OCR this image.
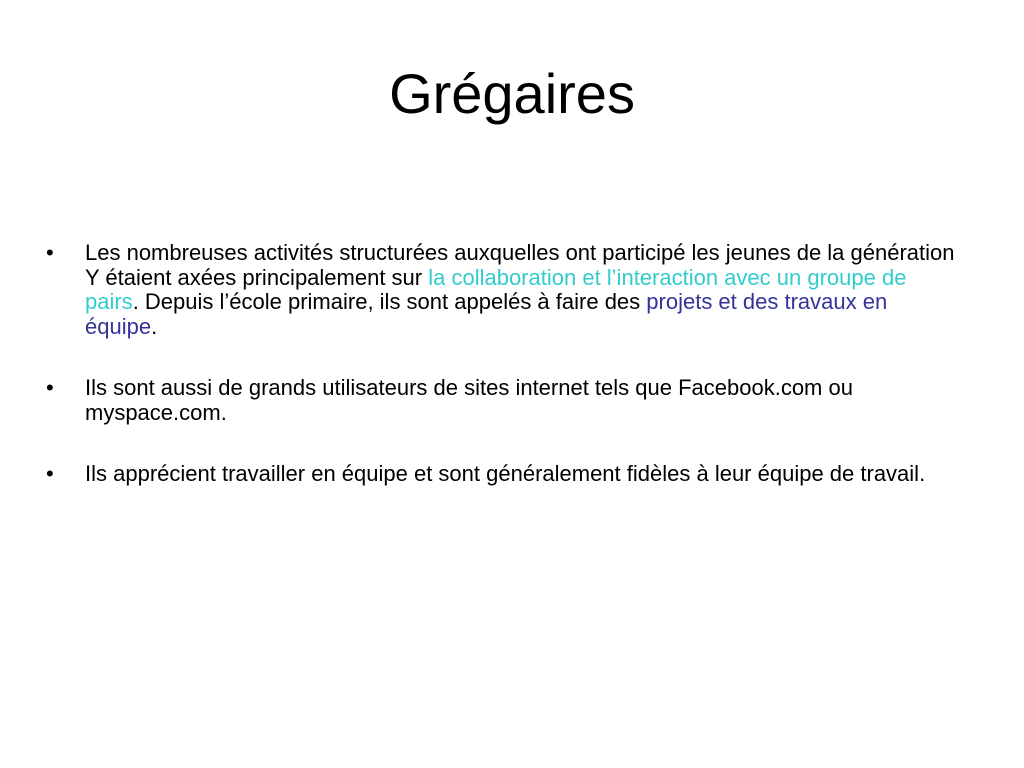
Grégaires
•	Les nombreuses activités structurées auxquelles ont participé les jeunes de la génération Y étaient axées principalement sur la collaboration et l’interaction avec un groupe de pairs. Depuis l’école primaire, ils sont appelés à faire des projets et des travaux en équipe.
•	Ils sont aussi de grands utilisateurs de sites internet tels que Facebook.com ou myspace.com.
•	Ils apprécient travailler en équipe et sont généralement fidèles à leur équipe de travail.
